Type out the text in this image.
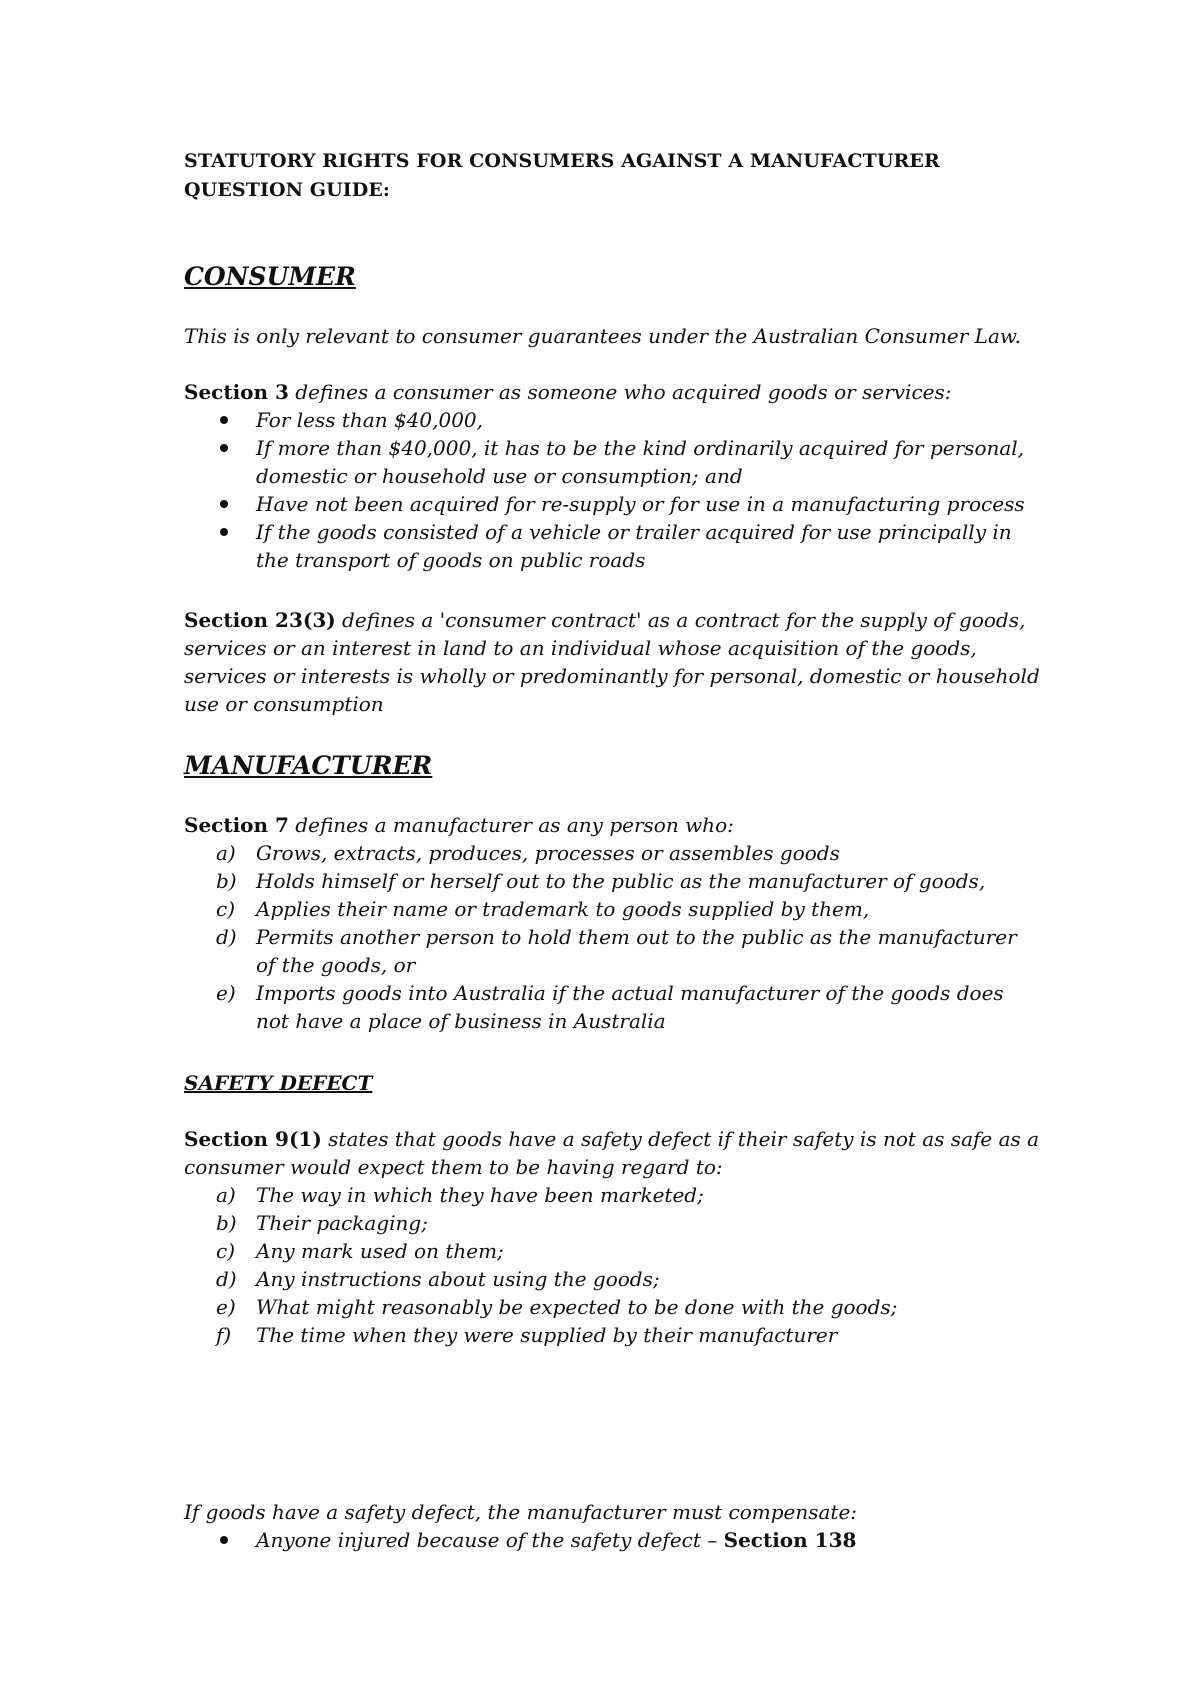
STATUTORY RIGHTS FOR CONSUMERS AGAINST A MANUFACTURER
QUESTION GUIDE:
CONSUMER
This is only relevant to consumer guarantees under the Australian Consumer Law.
Section 3 defines a consumer as someone who acquired goods or services:
For less than $40,000,
If more than $40,000, it has to be the kind ordinarily acquired for personal,
domestic or household use or consumption; and
Have not been acquired for re-supply or for use in a manufacturing process
If the goods consisted of a vehicle or trailer acquired for use principally in
the transport of goods on public roads
Section 23(3) defines a 'consumer contract' as a contract for the supply of goods,
services or an interest in land to an individual whose acquisition of the goods,
services or interests is wholly or predominantly for personal, domestic or household
use or consumption
MANUFACTURER
Section 7 defines a manufacturer as any person who:
a) Grows, extracts, produces, processes or assembles goods
b) Holds himself or herself out to the public as the manufacturer of goods,
c) Applies their name or trademark to goods supplied by them,
d) Permits another person to hold them out to the public as the manufacturer
of the goods, or
e) Imports goods into Australia if the actual manufacturer of the goods does
not have a place of business in Australia
SAFETY DEFECT
Section 9(1) states that goods have a safety defect if their safety is not as safe as a
consumer would expect them to be having regard to:
a) The way in which they have been marketed;
b) Their packaging;
c) Any mark used on them;
d) Any instructions about using the goods;
e) What might reasonably be expected to be done with the goods;
f) The time when they were supplied by their manufacturer
If goods have a safety defect, the manufacturer must compensate:
Anyone injured because of the safety defect – Section 138
